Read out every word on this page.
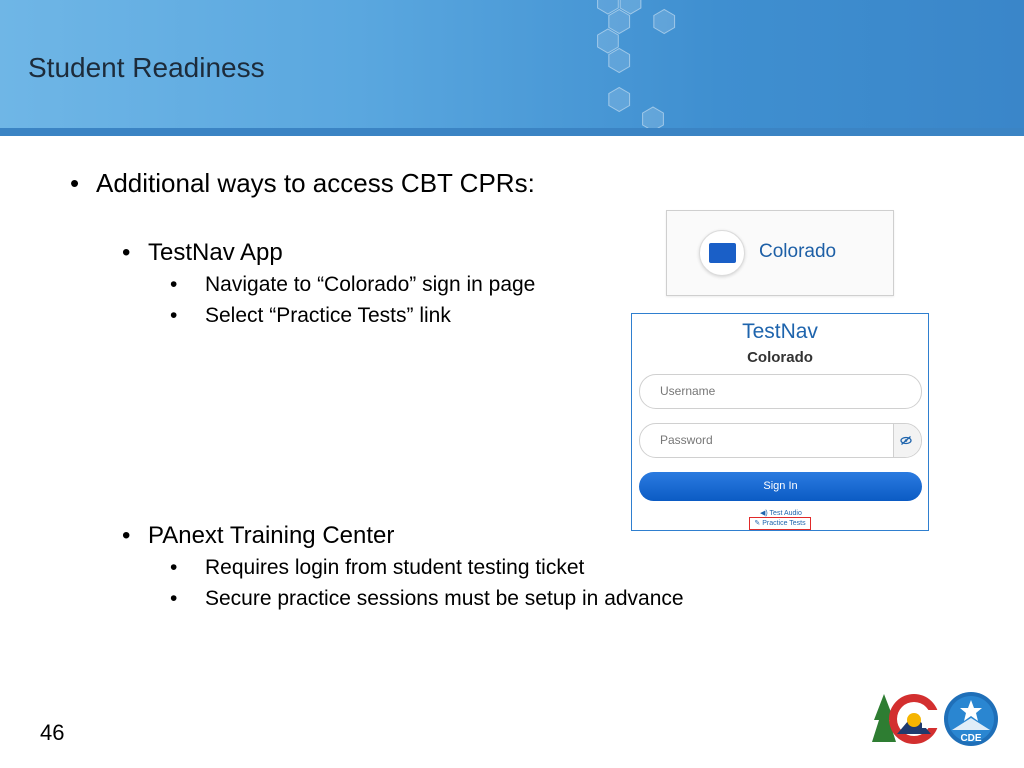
Student Readiness
• Additional ways to access CBT CPRs:
• TestNav App
•	Navigate to “Colorado” sign in page
•	Select “Practice Tests” link
• PAnext Training Center
•	Requires login from student testing ticket
•	Secure practice sessions must be setup in advance
Colorado
TestNav
Colorado
Username
Password
Sign In
◀) Test Audio
✎ Practice Tests
CDE
46
